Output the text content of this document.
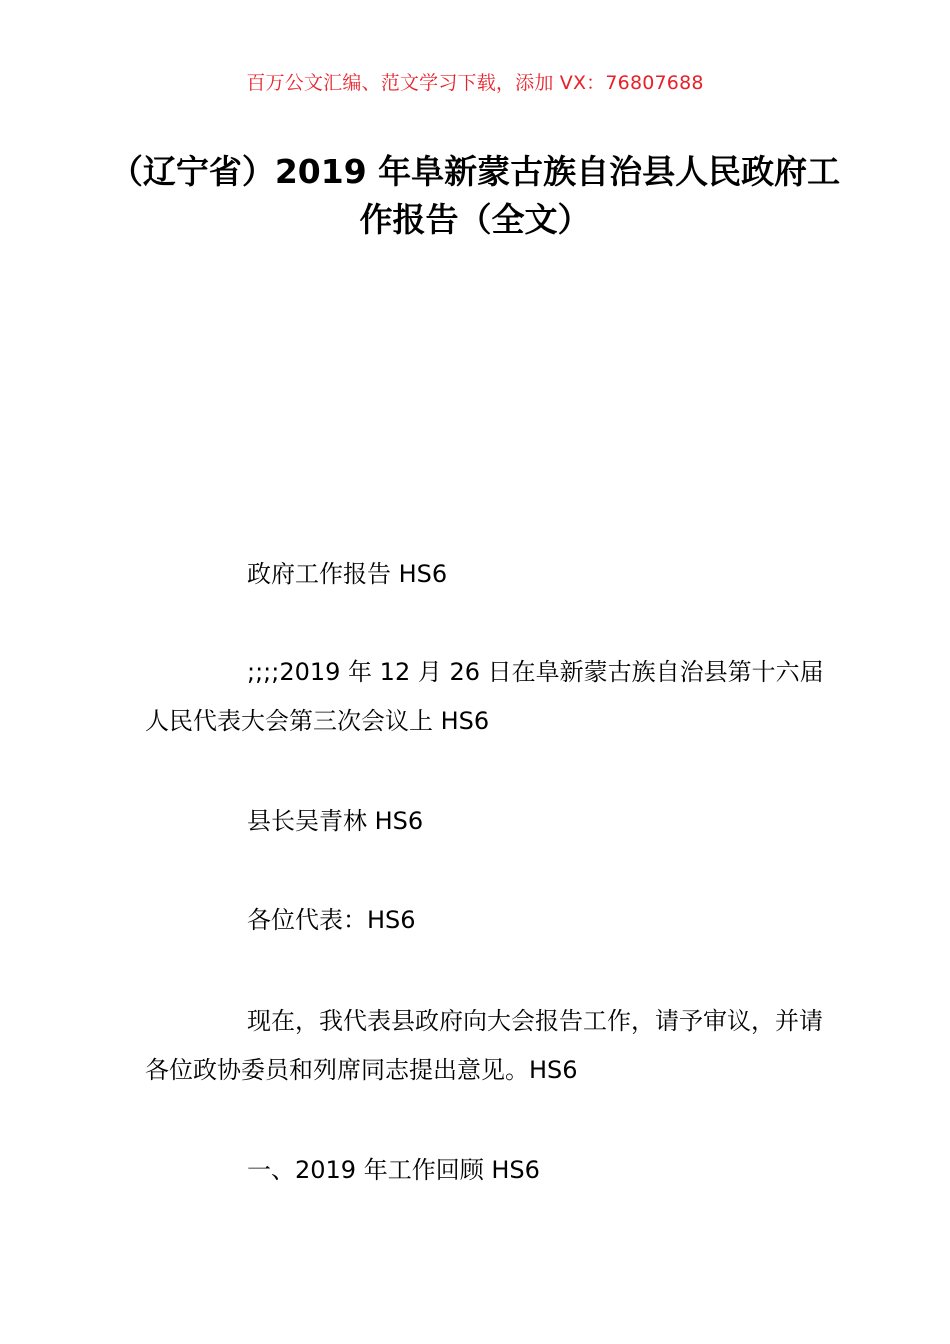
百万公文汇编、范文学习下载，添加 VX：76807688
（辽宁省）2019 年阜新蒙古族自治县人民政府工作报告（全文）
政府工作报告 HS6
;;;;2019 年 12 月 26 日在阜新蒙古族自治县第十六届人民代表大会第三次会议上 HS6
县长吴青林 HS6
各位代表：HS6
现在，我代表县政府向大会报告工作，请予审议，并请各位政协委员和列席同志提出意见。HS6
一、2019 年工作回顾 HS6
